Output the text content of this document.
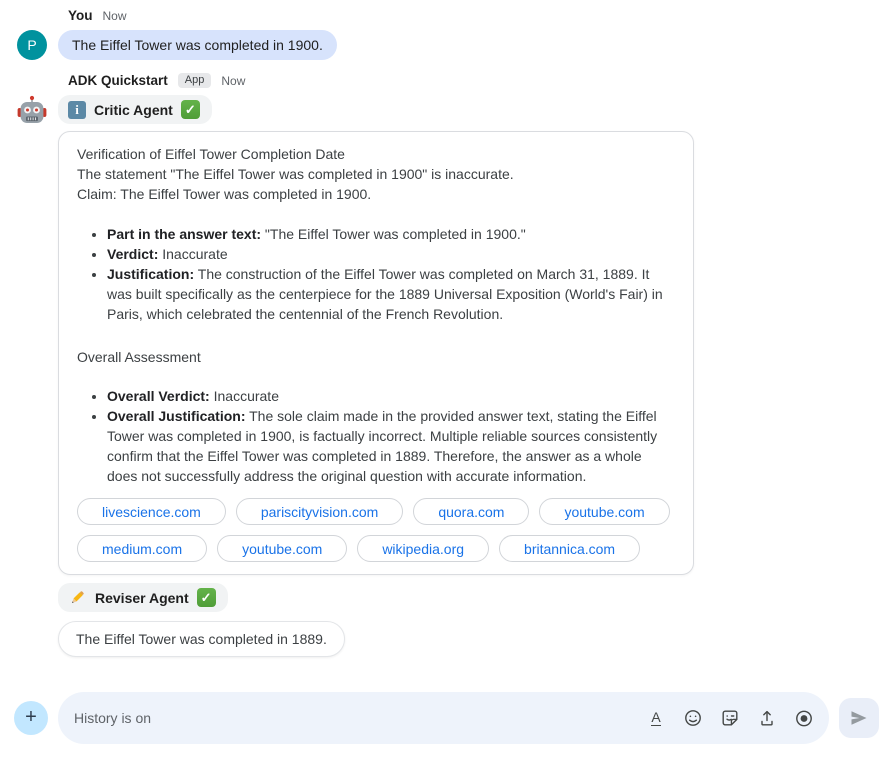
You Now
P	The Eiffel Tower was completed in 1900.
ADK Quickstart	App	Now
i	Critic Agent ✓
Verification of Eiffel Tower Completion Date
The statement "The Eiffel Tower was completed in 1900" is inaccurate.
Claim: The Eiffel Tower was completed in 1900.
• Part in the answer text: "The Eiffel Tower was completed in 1900."
• Verdict: Inaccurate
• Justification: The construction of the Eiffel Tower was completed on March 31, 1889. It was built specifically as the centerpiece for the 1889 Universal Exposition (World's Fair) in Paris, which celebrated the centennial of the French Revolution.
Overall Assessment
• Overall Verdict: Inaccurate
• Overall Justification: The sole claim made in the provided answer text, stating the Eiffel Tower was completed in 1900, is factually incorrect. Multiple reliable sources consistently confirm that the Eiffel Tower was completed in 1889. Therefore, the answer as a whole does not successfully address the original question with accurate information.
livescience.com	pariscityvision.com	quora.com	youtube.com
medium.com	youtube.com	wikipedia.org	britannica.com
Reviser Agent ✓
The Eiffel Tower was completed in 1889.
+
History is on	A
